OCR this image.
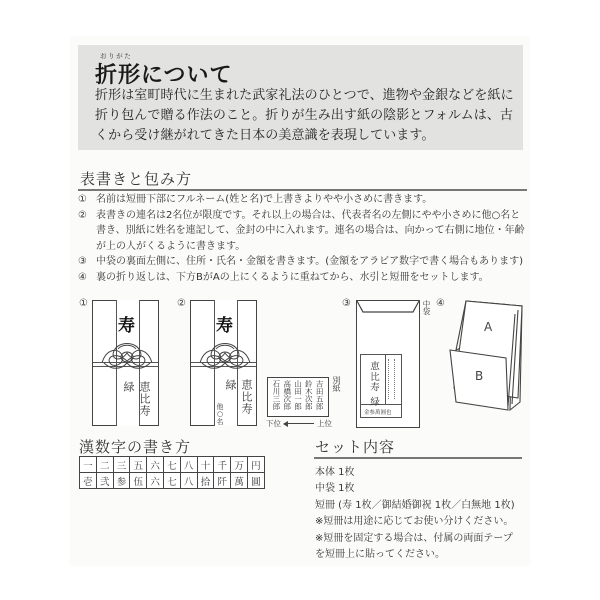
おりがた
折形について
折形は室町時代に生まれた武家礼法のひとつで、進物や金銀などを紙に
折り包んで贈る作法のこと。折りが生み出す紙の陰影とフォルムは、古
くから受け継がれてきた日本の美意識を表現しています。
表書きと包み方
① 名前は短冊下部にフルネーム(姓と名)で上書きよりやや小さめに書きます。
② 表書きの連名は2名位が限度です。それ以上の場合は、代表者名の左側にやや小さめに他○名と書き、別紙に姓名を連記して、金封の中に入れます。連名の場合は、向かって右側に地位・年齢が上の人がくるように書きます。
③ 中袋の裏面左側に、住所・氏名・金額を書きます。(金額をアラビア数字で書く場合もあります)
④ 裏の折り返しは、下方BがAの上にくるように重ねてから、水引と短冊をセットします。
①
寿
恵比寿 緑
②
寿
恵比寿 緑
他○名
吉田五郎
鈴木次郎
山田一郎
高橋次郎
石川三郎	別紙
下位	上位
③	中袋
恵比寿 緑
金参萬圓也
④
A
B
漢数字の書き方
一	二	三	五	六	七	八	十	千	万	円
壱	弐	参	伍	六	七	八	拾	阡	萬	圓
セット内容
本体 1枚
中袋 1枚
短冊 (寿 1枚／御結婚御祝 1枚／白無地 1枚)
※短冊は用途に応じてお使い分けください。
※短冊を固定する場合は、付属の両面テープ
を短冊上に貼ってください。
